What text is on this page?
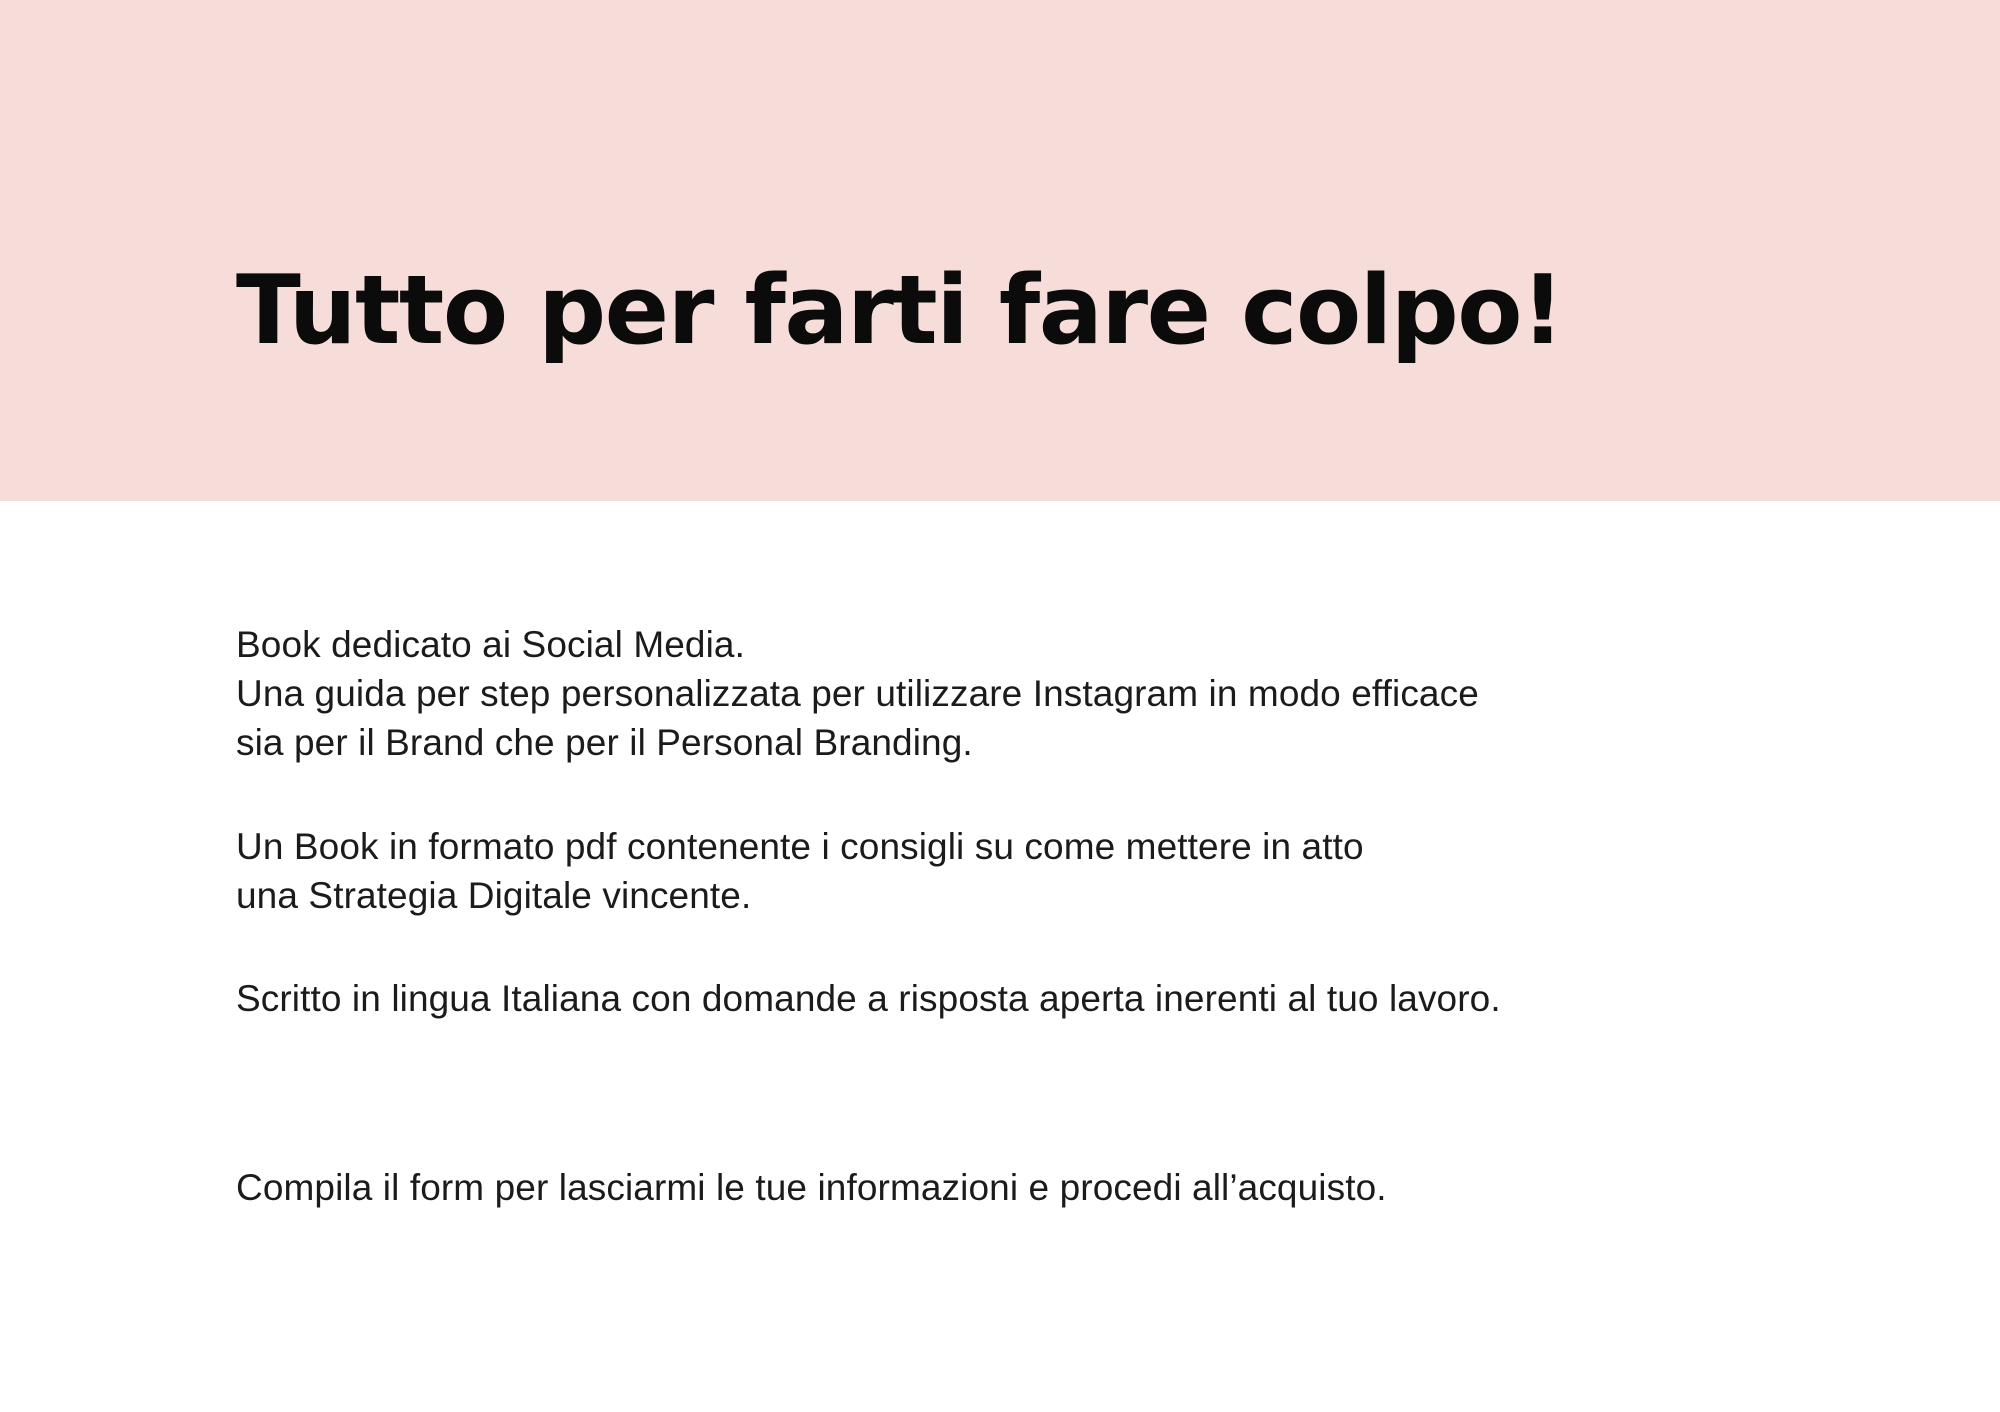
Tutto per farti fare colpo!

Book dedicato ai Social Media.
Una guida per step personalizzata per utilizzare Instagram in modo efficace
sia per il Brand che per il Personal Branding.

Un Book in formato pdf contenente i consigli su come mettere in atto
una Strategia Digitale vincente.

Scritto in lingua Italiana con domande a risposta aperta inerenti al tuo lavoro.

Compila il form per lasciarmi le tue informazioni e procedi all’acquisto.
